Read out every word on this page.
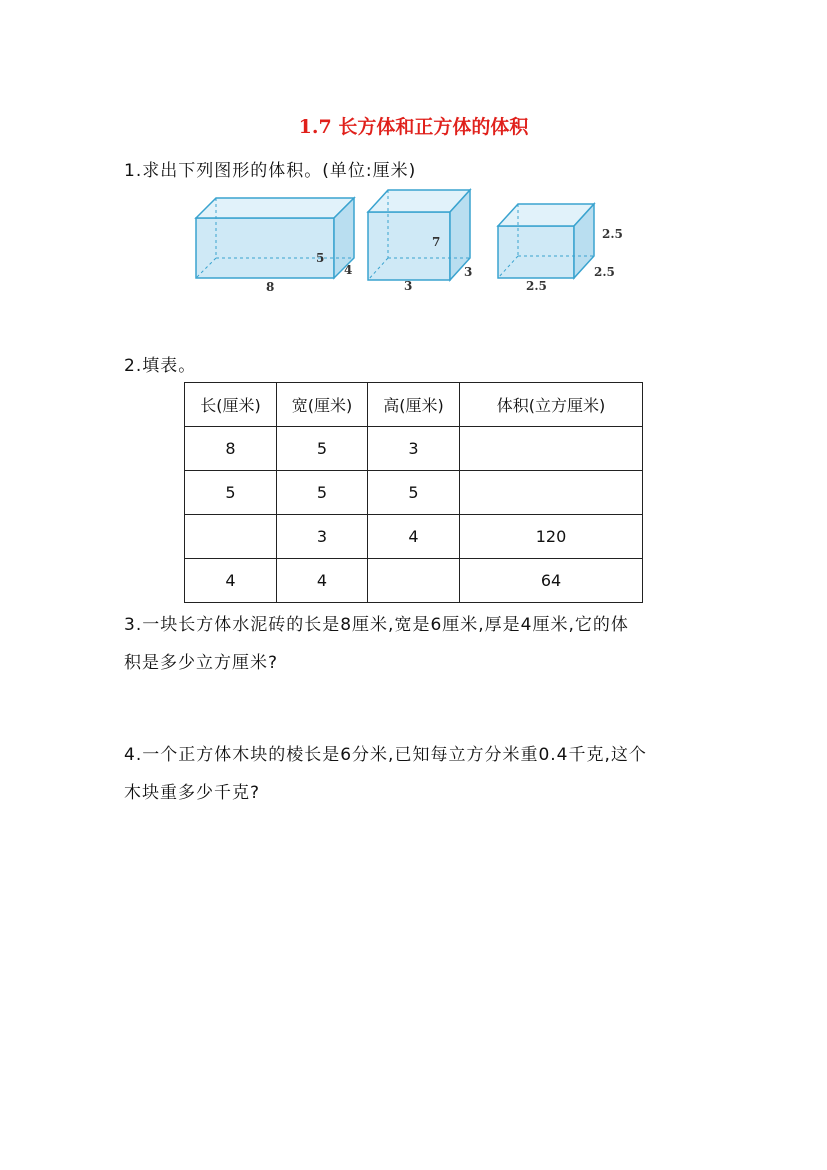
1.7 长方体和正方体的体积

1.求出下列图形的体积。(单位:厘米)

8
5
4
3
7
3
2.5
2.5
2.5

2.填表。

长(厘米)	宽(厘米)	高(厘米)	体积(立方厘米)
8	5	3	
5	5	5	
	3	4	120
4	4		64

3.一块长方体水泥砖的长是8厘米,宽是6厘米,厚是4厘米,它的体

积是多少立方厘米?

4.一个正方体木块的棱长是6分米,已知每立方分米重0.4千克,这个

木块重多少千克?
